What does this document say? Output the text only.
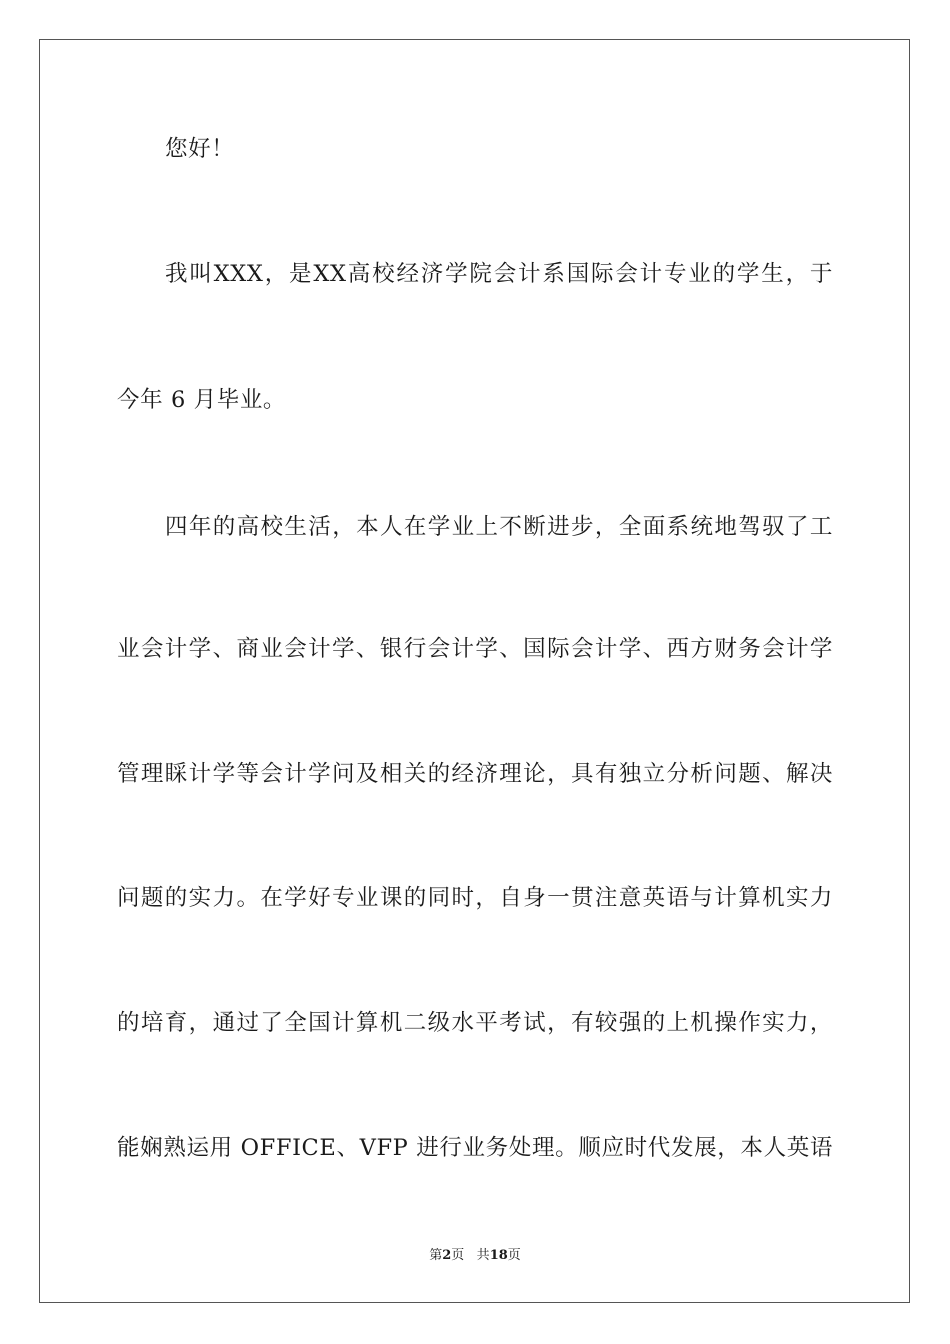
您好！
我叫XXX，是XX高校经济学院会计系国际会计专业的学生，于
今年 6 月毕业。
四年的高校生活，本人在学业上不断进步，全面系统地驾驭了工
业会计学、商业会计学、银行会计学、国际会计学、西方财务会计学
管理睬计学等会计学问及相关的经济理论，具有独立分析问题、解决
问题的实力。在学好专业课的同时，自身一贯注意英语与计算机实力
的培育，通过了全国计算机二级水平考试，有较强的上机操作实力，
能娴熟运用 OFFICE、VFP 进行业务处理。顺应时代发展，本人英语
第2页 共18页
